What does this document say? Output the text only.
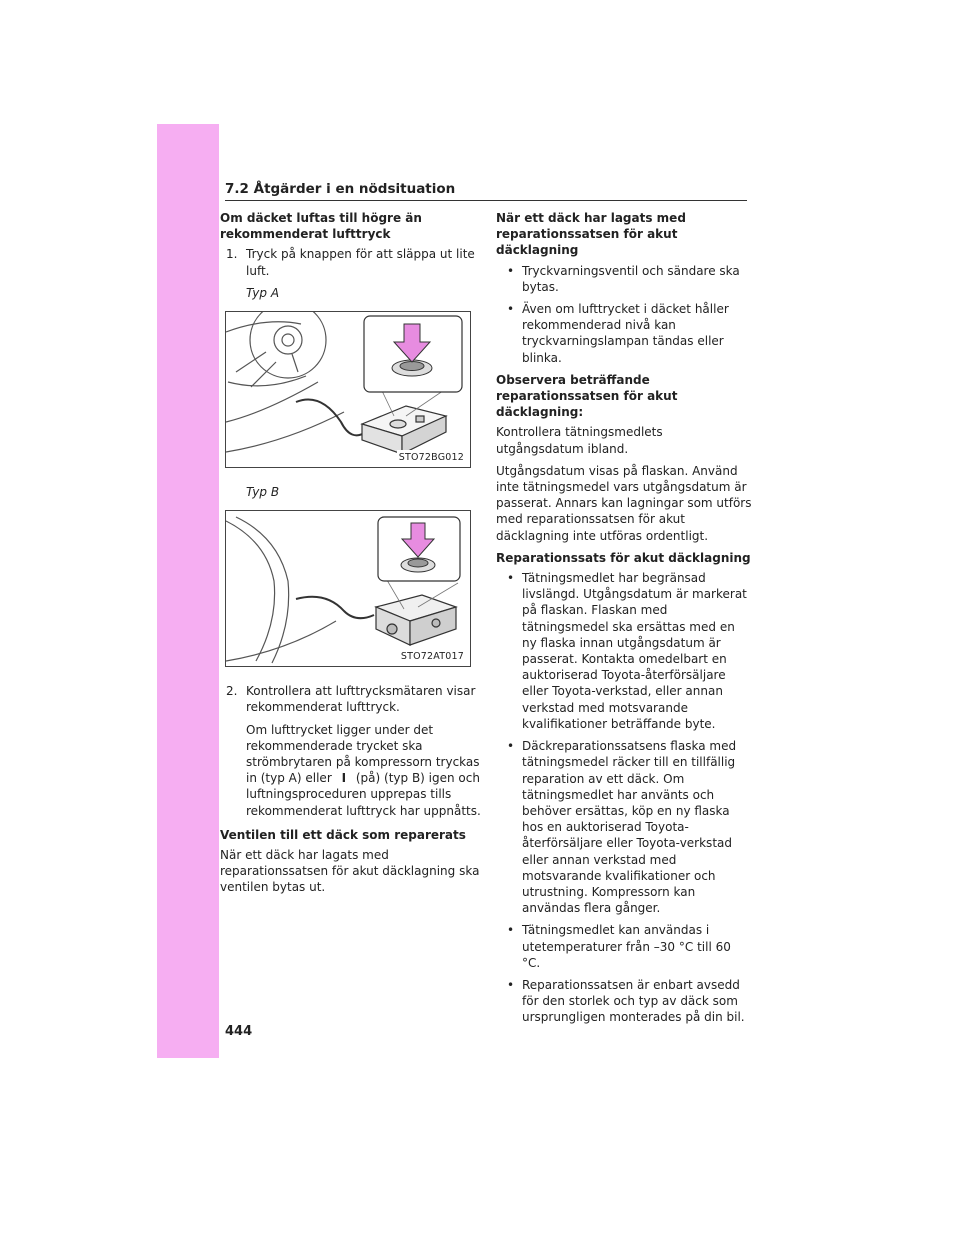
7.2 Åtgärder i en nödsituation
Om däcket luftas till högre än rekommenderat lufttryck
1. Tryck på knappen för att släppa ut lite luft.
Typ A
STO72BG012
Typ B
STO72AT017
2. Kontrollera att lufttrycksmätaren visar rekommenderat lufttryck.
Om lufttrycket ligger under det rekommenderade trycket ska strömbrytaren på kompressorn tryckas in (typ A) eller I (på) (typ B) igen och luftningsproceduren upprepas tills rekommenderat lufttryck har uppnåtts.
Ventilen till ett däck som reparerats
När ett däck har lagats med reparationssatsen för akut däcklagning ska ventilen bytas ut.
När ett däck har lagats med reparationssatsen för akut däcklagning
• Tryckvarningsventil och sändare ska bytas.
• Även om lufttrycket i däcket håller rekommenderad nivå kan tryckvarningslampan tändas eller blinka.
Observera beträffande reparationssatsen för akut däcklagning:
Kontrollera tätningsmedlets utgångsdatum ibland.
Utgångsdatum visas på flaskan. Använd inte tätningsmedel vars utgångsdatum är passerat. Annars kan lagningar som utförs med reparationssatsen för akut däcklagning inte utföras ordentligt.
Reparationssats för akut däcklagning
• Tätningsmedlet har begränsad livslängd. Utgångsdatum är markerat på flaskan. Flaskan med tätningsmedel ska ersättas med en ny flaska innan utgångsdatum är passerat. Kontakta omedelbart en auktoriserad Toyota-återförsäljare eller Toyota-verkstad, eller annan verkstad med motsvarande kvalifikationer beträffande byte.
• Däckreparationssatsens flaska med tätningsmedel räcker till en tillfällig reparation av ett däck. Om tätningsmedlet har använts och behöver ersättas, köp en ny flaska hos en auktoriserad Toyota-återförsäljare eller Toyota-verkstad eller annan verkstad med motsvarande kvalifikationer och utrustning. Kompressorn kan användas flera gånger.
• Tätningsmedlet kan användas i utetemperaturer från –30 °C till 60 °C.
• Reparationssatsen är enbart avsedd för den storlek och typ av däck som ursprungligen monterades på din bil.
444
